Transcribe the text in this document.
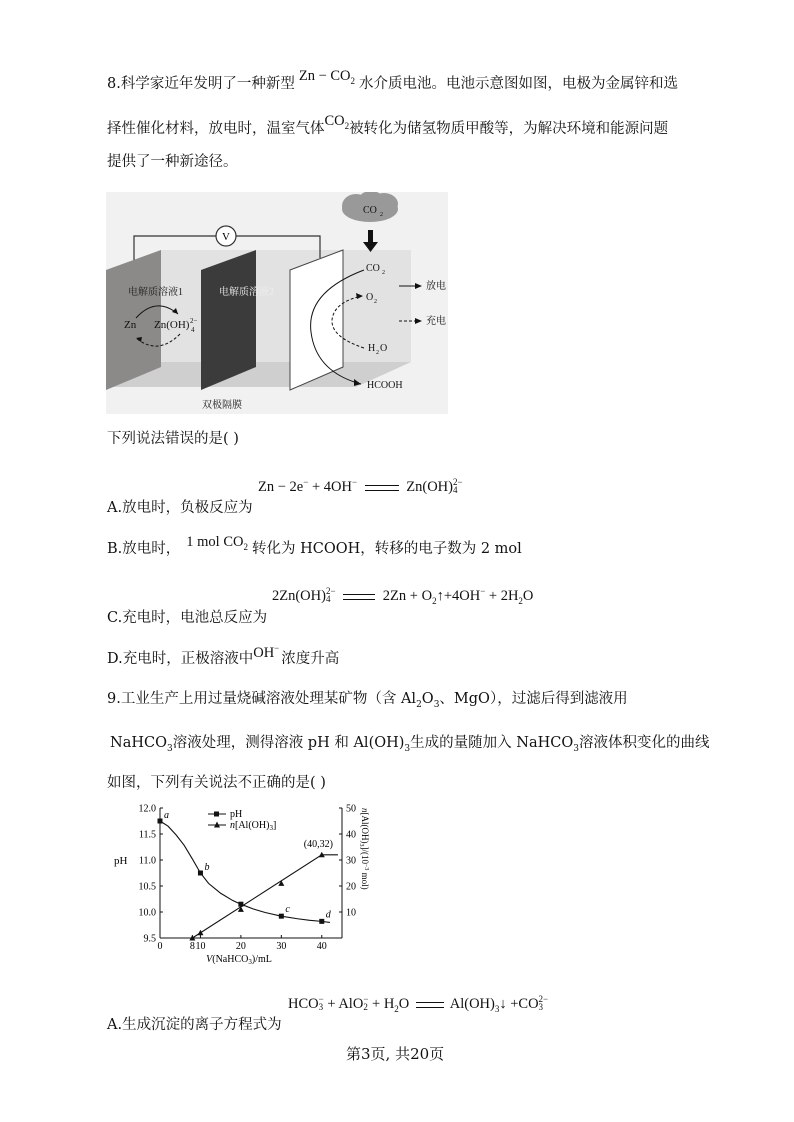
8.科学家近年发明了一种新型 $Zn - CO_2$ 水介质电池。电池示意图如图，电极为金属锌和选
择性催化材料，放电时，温室气体$CO_2$被转化为储氢物质甲酸等，为解决环境和能源问题
提供了一种新途径。
V
电解质溶液1	电解质溶液2
双极隔膜
Zn Zn(OH) 2−
4
CO 2
CO 2
O 2
H 2 O
HCOOH
放电
充电
下列说法错误的是( )
Zn − 2e− + 4OH−	Zn(OH) 2−
4
A.放电时，负极反应为
B.放电时， 1 mol $CO_2$ 转化为 HCOOH，转移的电子数为 2 mol
2Zn(OH) 2−
4	$2Zn + O_2↑+4OH^- + 2H_2O$
C.充电时，电池总反应为
D.充电时，正极溶液中OH−浓度升高
9.工业生产上用过量烧碱溶液处理某矿物（含 $Al_2O_3$、MgO），过滤后得到滤液用
NaHCO$_3$溶液处理，测得溶液 pH 和 $Al(OH)_3$生成的量随加入 NaHCO$_3$溶液体积变化的曲线
如图，下列有关说法不正确的是( )
9.5
10.0
10.5
11.0
11.5
12.0
10
20
30
40
50
0	8 10	20	30	40
V(NaHCO$_3$)/mL
$n[Al(OH)_3]/(10^{-3}$ mol)
pH
$n[Al(OH)_3]$
a
b
c	d
(40,32)
pH
HCO −
3 + AlO −
$2 + H_2O$	$Al(OH)_3↓ +CO$ 2−
3
A.生成沉淀的离子方程式为
第3页, 共20页
